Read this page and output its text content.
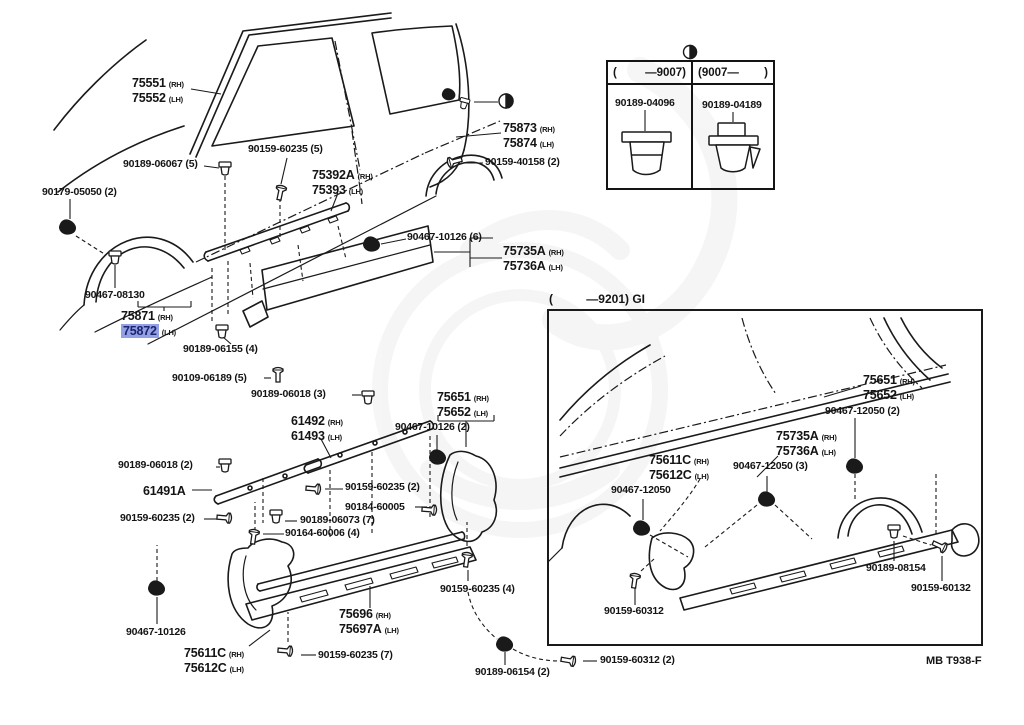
( —9007) (9007— )
(	—9201) GI
75551 (RH)
75552 (LH)
90159-60235 (5)
90189-06067 (5)
75392A (RH)
75393 (LH)
90179-05050 (2)
75873 (RH)
75874 (LH)
90159-40158 (2)
90467-10126 (6)
75735A (RH)
75736A (LH)
90467-08130
75871 (RH)
75872 (LH)
90189-06155 (4)
90109-06189 (5)
90189-06018 (3)	75651 (RH)
75652 (LH)
90467-10126 (2)
61492 (RH)
61493 (LH)
90189-06018 (2)
61491A	90159-60235 (2)
90159-60235 (2)
90184-60005
90189-06073 (7)
90164-60006 (4)
90467-10126
75611C (RH)
75612C (LH)
90159-60235 (7)
75696 (RH)
75697A (LH)
90159-60235 (4)
90189-06154 (2)
90159-60312 (2)
90189-04096	90189-04189
75651 (RH)
75652 (LH)
90467-12050 (2)
75735A (RH)
75736A (LH)
75611C (RH)
75612C (LH)
90467-12050 (3)
90467-12050
90159-60312
90189-08154
90159-60132
MB T938-F
